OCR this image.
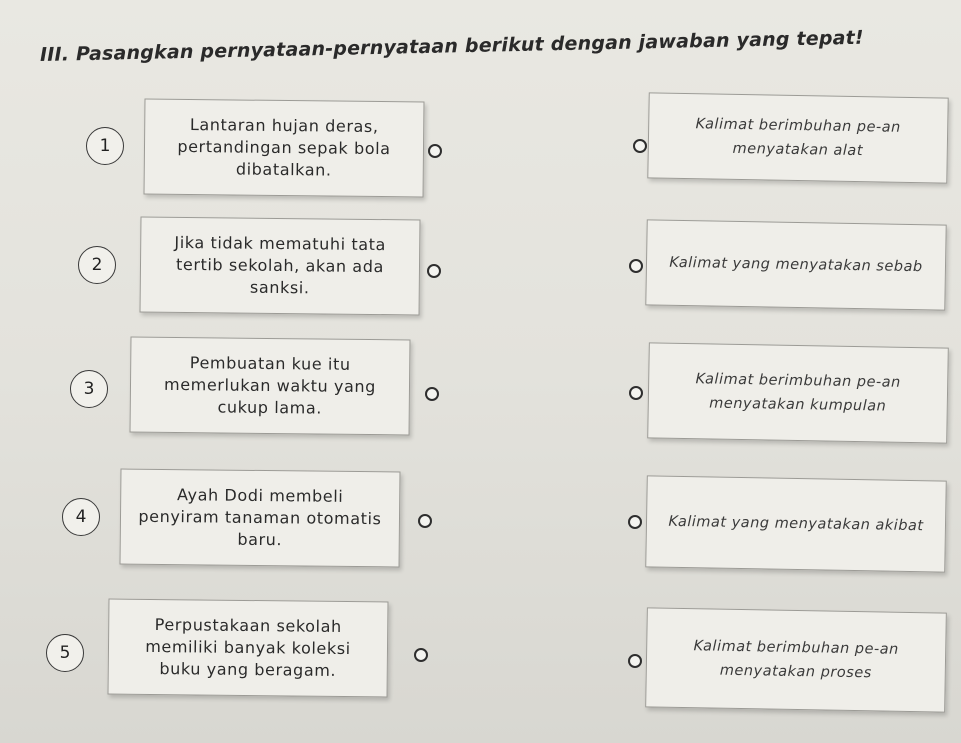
III. Pasangkan pernyataan-pernyataan berikut dengan jawaban yang tepat!
1
Lantaran hujan deras, pertandingan sepak bola dibatalkan.
Kalimat berimbuhan pe-an menyatakan alat
2
Jika tidak mematuhi tata tertib sekolah, akan ada sanksi.
Kalimat yang menyatakan sebab
3
Pembuatan kue itu memerlukan waktu yang cukup lama.
Kalimat berimbuhan pe-an menyatakan kumpulan
4
Ayah Dodi membeli penyiram tanaman otomatis baru.
Kalimat yang menyatakan akibat
5
Perpustakaan sekolah memiliki banyak koleksi buku yang beragam.
Kalimat berimbuhan pe-an menyatakan proses
